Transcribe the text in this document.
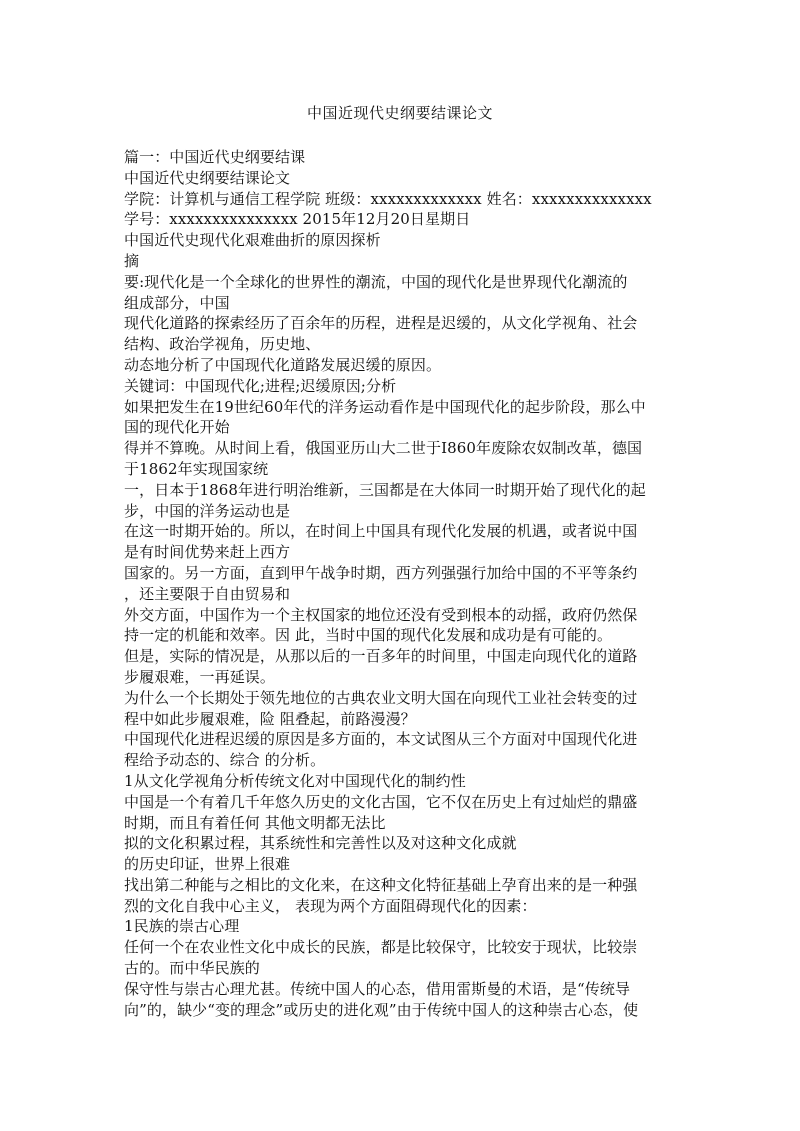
中国近现代史纲要结课论文
篇一：中国近代史纲要结课
中国近代史纲要结课论文
学院：计算机与通信工程学院 班级：xxxxxxxxxxxxx 姓名：xxxxxxxxxxxxxx
学号：xxxxxxxxxxxxxxx 2015年12月20日星期日
中国近代史现代化艰难曲折的原因探析
摘
要:现代化是一个全球化的世界性的潮流，中国的现代化是世界现代化潮流的
组成部分，中国
现代化道路的探索经历了百余年的历程，进程是迟缓的，从文化学视角、社会
结构、政治学视角，历史地、
动态地分析了中国现代化道路发展迟缓的原因。
关键词：中国现代化;进程;迟缓原因;分析
如果把发生在19世纪60年代的洋务运动看作是中国现代化的起步阶段，那么中
国的现代化开始
得并不算晚。从时间上看，俄国亚历山大二世于I860年废除农奴制改革，德国
于1862年实现国家统
一，日本于1868年进行明治维新，三国都是在大体同一时期开始了现代化的起
步，中国的洋务运动也是
在这一时期开始的。所以，在时间上中国具有现代化发展的机遇，或者说中国
是有时间优势来赶上西方
国家的。另一方面，直到甲午战争时期，西方列强强行加给中国的不平等条约
，还主要限于自由贸易和
外交方面，中国作为一个主权国家的地位还没有受到根本的动摇，政府仍然保
持一定的机能和效率。因 此，当时中国的现代化发展和成功是有可能的。
但是，实际的情况是，从那以后的一百多年的时间里，中国走向现代化的道路
步履艰难，一再延误。
为什么一个长期处于领先地位的古典农业文明大国在向现代工业社会转变的过
程中如此步履艰难，险 阻叠起，前路漫漫？
中国现代化进程迟缓的原因是多方面的，本文试图从三个方面对中国现代化进
程给予动态的、综合 的分析。
1从文化学视角分析传统文化对中国现代化的制约性
中国是一个有着几千年悠久历史的文化古国，它不仅在历史上有过灿烂的鼎盛
时期，而且有着任何 其他文明都无法比
拟的文化积累过程，其系统性和完善性以及对这种文化成就
的历史印证，世界上很难
找出第二种能与之相比的文化来，在这种文化特征基础上孕育出来的是一种强
烈的文化自我中心主义， 表现为两个方面阻碍现代化的因素：
1民族的崇古心理
任何一个在农业性文化中成长的民族，都是比较保守，比较安于现状，比较崇
古的。而中华民族的
保守性与崇古心理尤甚。传统中国人的心态，借用雷斯曼的术语，是“传统导
向”的，缺少“变的理念”或历史的进化观”由于传统中国人的这种崇古心态，使
